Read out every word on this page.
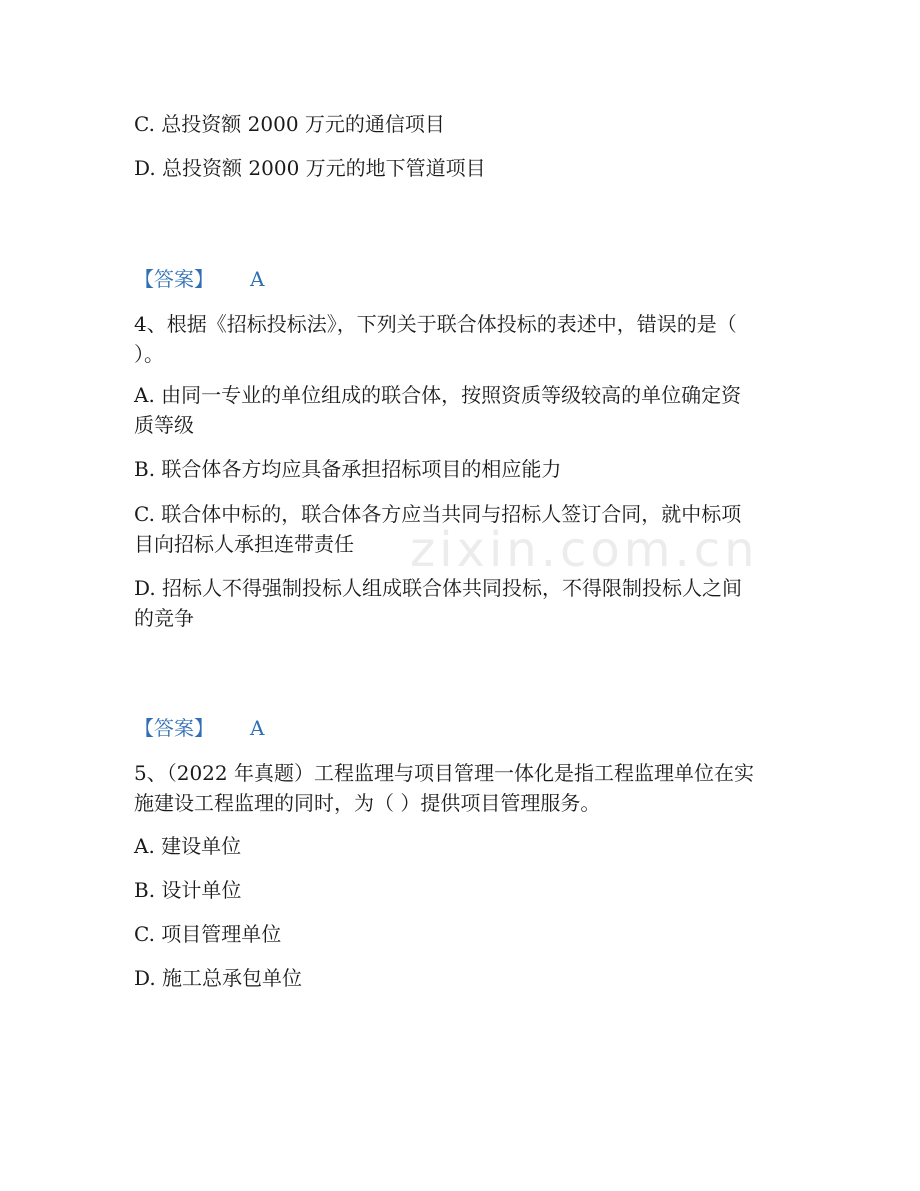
zixin.com.cn
C. 总投资额 2000 万元的通信项目
D. 总投资额 2000 万元的地下管道项目
【答案】 A
4、根据《招标投标法》，下列关于联合体投标的表述中，错误的是（
）。
A. 由同一专业的单位组成的联合体，按照资质等级较高的单位确定资
质等级
B. 联合体各方均应具备承担招标项目的相应能力
C. 联合体中标的，联合体各方应当共同与招标人签订合同，就中标项
目向招标人承担连带责任
D. 招标人不得强制投标人组成联合体共同投标，不得限制投标人之间
的竞争
【答案】 A
5、（2022 年真题）工程监理与项目管理一体化是指工程监理单位在实
施建设工程监理的同时，为（ ）提供项目管理服务。
A. 建设单位
B. 设计单位
C. 项目管理单位
D. 施工总承包单位
